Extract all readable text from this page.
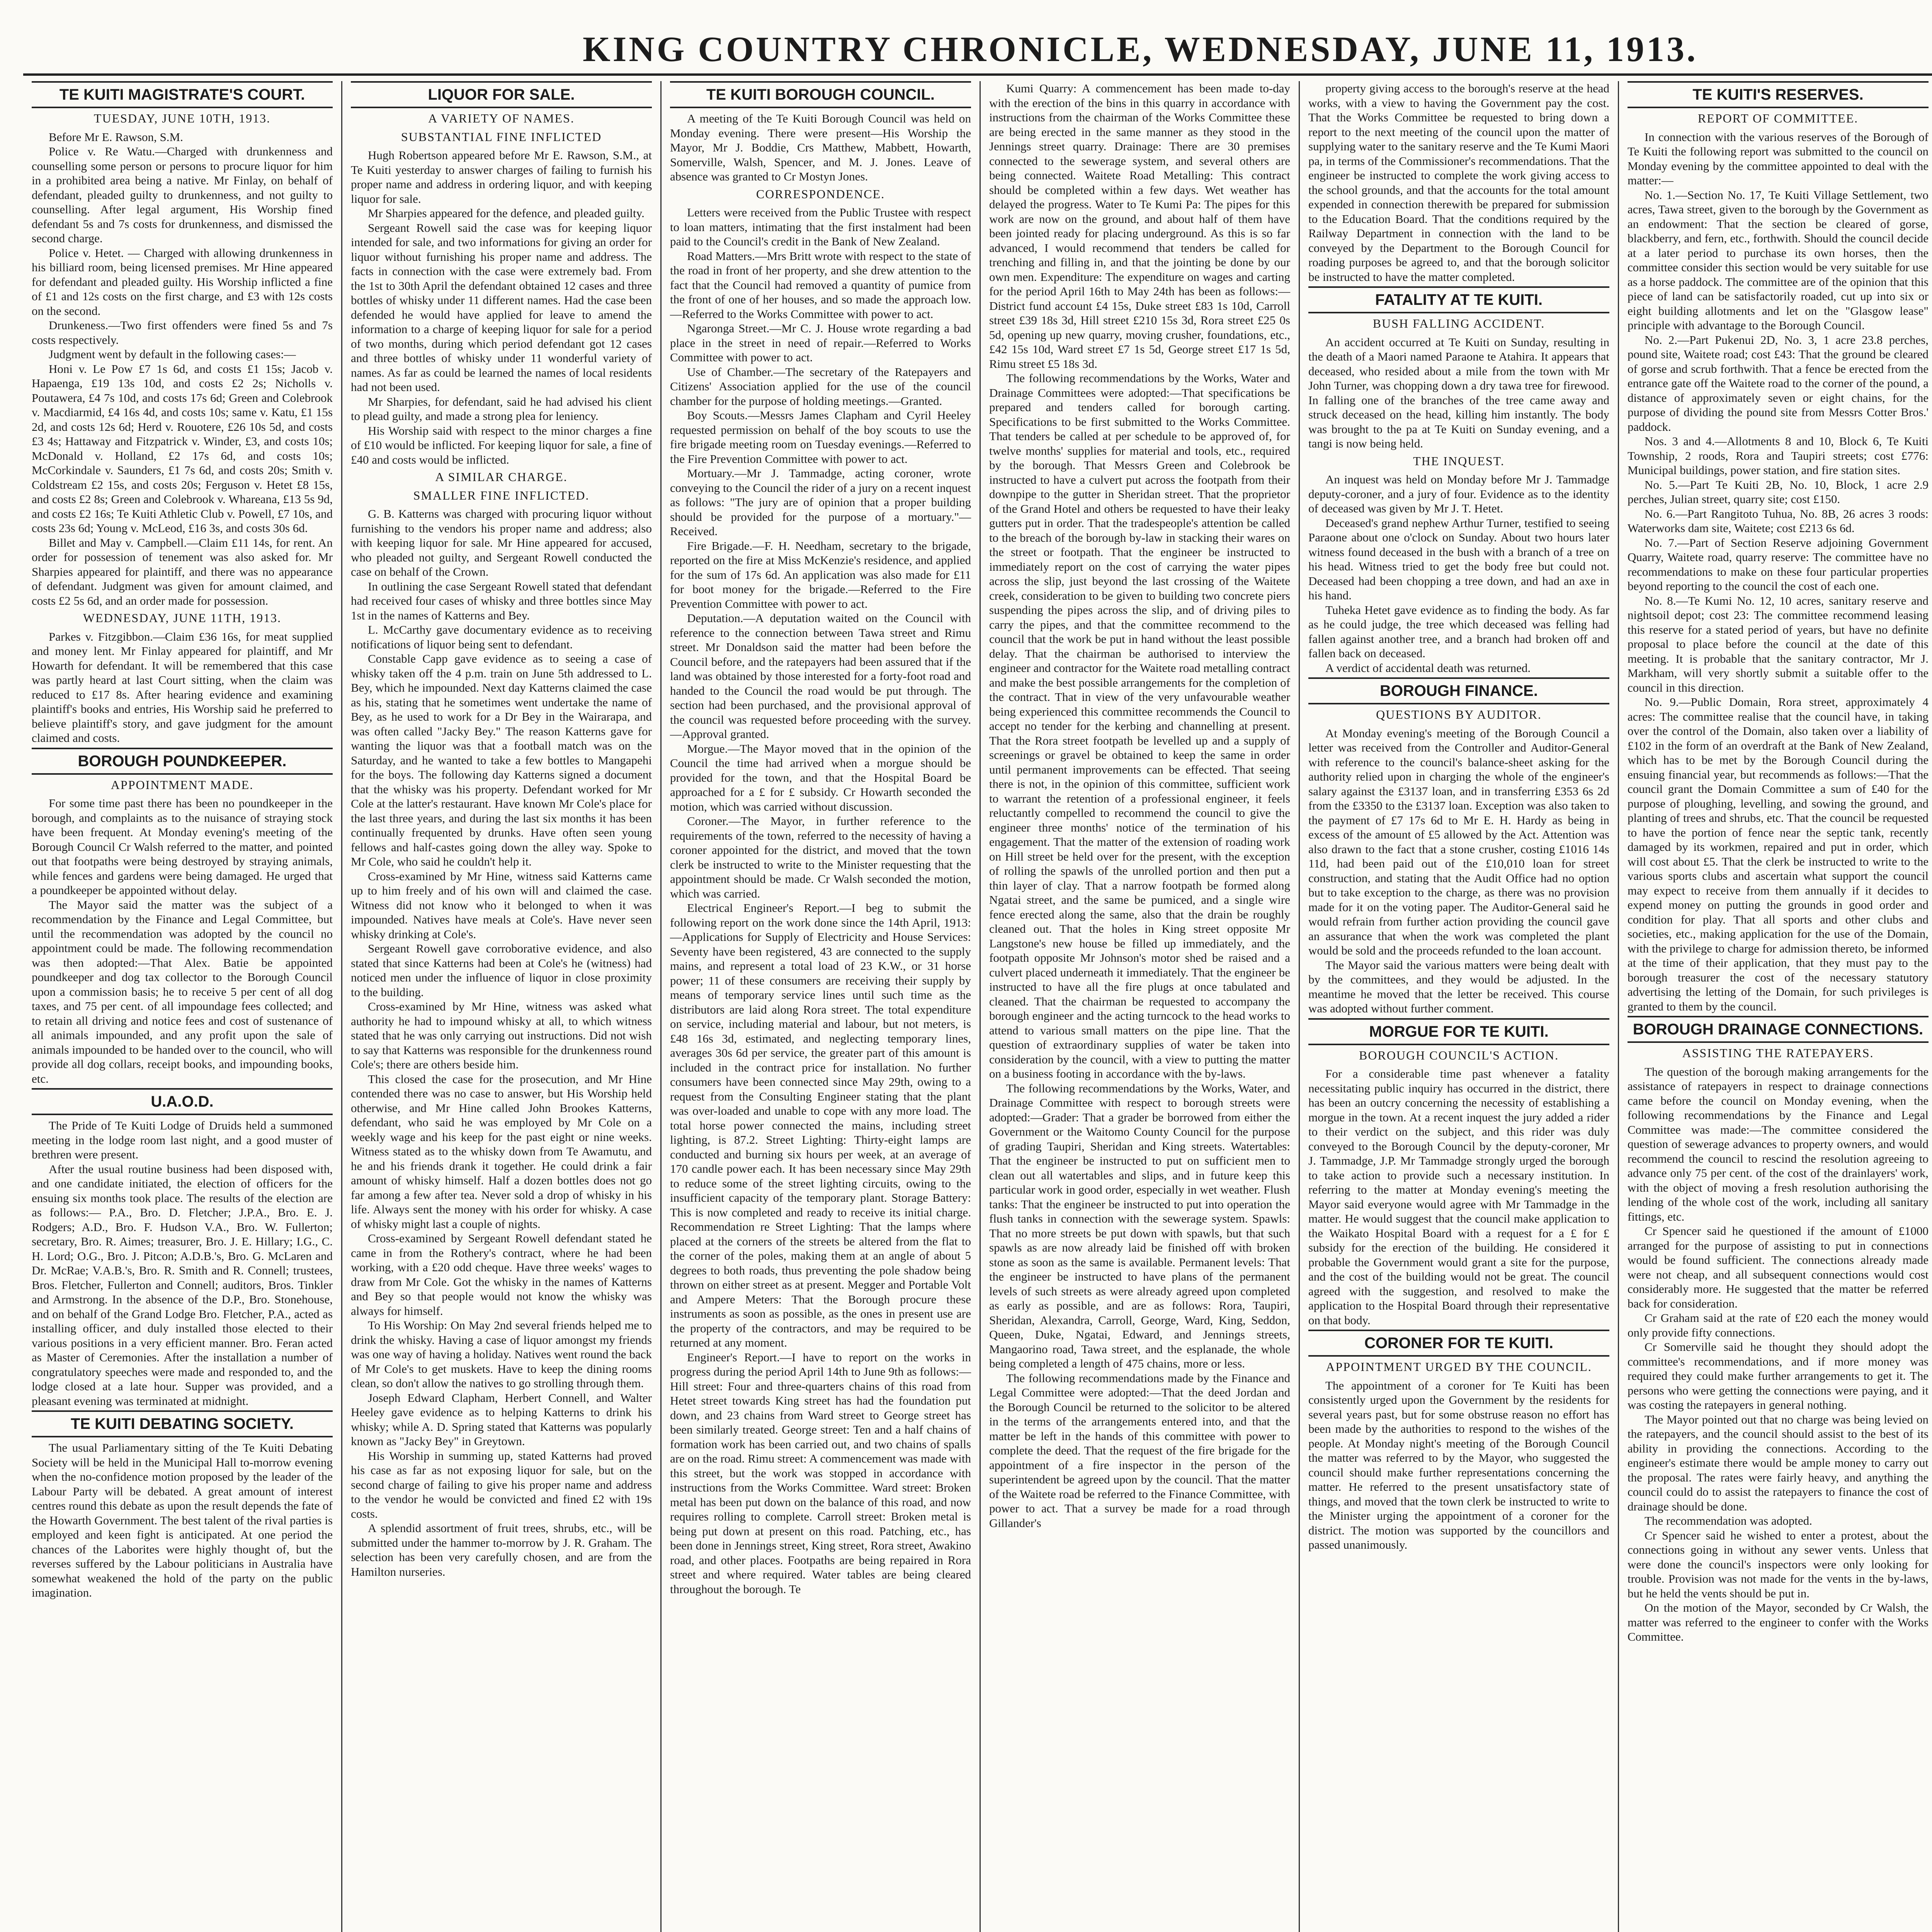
KING COUNTRY CHRONICLE, WEDNESDAY, JUNE 11, 1913.
TE KUITI MAGISTRATE'S COURT.
TUESDAY, JUNE 10TH, 1913.

Before Mr E. Rawson, S.M.

Police v. Re Watu.—Charged with drunkenness and counselling some person or persons to procure liquor for him in a prohibited area being a native. Mr Finlay, on behalf of defendant, pleaded guilty to drunkenness, and not guilty to counselling. After legal argument, His Worship fined defendant 5s and 7s costs for drunkenness, and dismissed the second charge.

Police v. Hetet. — Charged with allowing drunkenness in his billiard room, being licensed premises. Mr Hine appeared for defendant and pleaded guilty. His Worship inflicted a fine of £1 and 12s costs on the first charge, and £3 with 12s costs on the second.

Drunkeness.—Two first offenders were fined 5s and 7s costs respectively.

Judgment went by default in the following cases:—

Honi v. Le Pow £7 1s 6d, and costs £1 15s; Jacob v. Hapaenga, £19 13s 10d, and costs £2 2s; Nicholls v. Poutawera, £4 7s 10d, and costs 17s 6d; Green and Colebrook v. Macdiarmid, £4 16s 4d, and costs 10s; same v. Katu, £1 15s 2d, and costs 12s 6d; Herd v. Rouotere, £26 10s 5d, and costs £3 4s; Hattaway and Fitzpatrick v. Winder, £3, and costs 10s; McDonald v. Holland, £2 17s 6d, and costs 10s; McCorkindale v. Saunders, £1 7s 6d, and costs 20s; Smith v. Coldstream £2 15s, and costs 20s; Ferguson v. Hetet £8 15s, and costs £2 8s; Green and Colebrook v. Whareana, £13 5s 9d, and costs £2 16s; Te Kuiti Athletic Club v. Powell, £7 10s, and costs 23s 6d; Young v. McLeod, £16 3s, and costs 30s 6d.

Billet and May v. Campbell.—Claim £11 14s, for rent. An order for possession of tenement was also asked for. Mr Sharpies appeared for plaintiff, and there was no appearance of defendant. Judgment was given for amount claimed, and costs £2 5s 6d, and an order made for possession.

WEDNESDAY, JUNE 11TH, 1913.

Parkes v. Fitzgibbon.—Claim £36 16s, for meat supplied and money lent. Mr Finlay appeared for plaintiff, and Mr Howarth for defendant. It will be remembered that this case was partly heard at last Court sitting, when the claim was reduced to £17 8s. After hearing evidence and examining plaintiff's books and entries, His Worship said he preferred to believe plaintiff's story, and gave judgment for the amount claimed and costs.

BOROUGH POUNDKEEPER.
APPOINTMENT MADE.

For some time past there has been no poundkeeper in the borough, and complaints as to the nuisance of straying stock have been frequent. At Monday evening's meeting of the Borough Council Cr Walsh referred to the matter, and pointed out that footpaths were being destroyed by straying animals, while fences and gardens were being damaged. He urged that a poundkeeper be appointed without delay.

The Mayor said the matter was the subject of a recommendation by the Finance and Legal Committee, but until the recommendation was adopted by the council no appointment could be made. The following recommendation was then adopted:—That Alex. Batie be appointed poundkeeper and dog tax collector to the Borough Council upon a commission basis; he to receive 5 per cent of all dog taxes, and 75 per cent. of all impoundage fees collected; and to retain all driving and notice fees and cost of sustenance of all animals impounded, and any profit upon the sale of animals impounded to be handed over to the council, who will provide all dog collars, receipt books, and impounding books, etc.

U.A.O.D.

The Pride of Te Kuiti Lodge of Druids held a summoned meeting in the lodge room last night, and a good muster of brethren were present.

After the usual routine business had been disposed with, and one candidate initiated, the election of officers for the ensuing six months took place. The results of the election are as follows:— P.A., Bro. D. Fletcher; J.P.A., Bro. E. J. Rodgers; A.D., Bro. F. Hudson V.A., Bro. W. Fullerton; secretary, Bro. R. Aimes; treasurer, Bro. J. E. Hillary; I.G., C. H. Lord; O.G., Bro. J. Pitcon; A.D.B.'s, Bro. G. McLaren and Dr. McRae; V.A.B.'s, Bro. R. Smith and R. Connell; trustees, Bros. Fletcher, Fullerton and Connell; auditors, Bros. Tinkler and Armstrong. In the absence of the D.P., Bro. Stonehouse, and on behalf of the Grand Lodge Bro. Fletcher, P.A., acted as installing officer, and duly installed those elected to their various positions in a very efficient manner. Bro. Feran acted as Master of Ceremonies. After the installation a number of congratulatory speeches were made and responded to, and the lodge closed at a late hour. Supper was provided, and a pleasant evening was terminated at midnight.

TE KUITI DEBATING SOCIETY.

The usual Parliamentary sitting of the Te Kuiti Debating Society will be held in the Municipal Hall to-morrow evening when the no-confidence motion proposed by the leader of the Labour Party will be debated. A great amount of interest centres round this debate as upon the result depends the fate of the Howarth Government. The best talent of the rival parties is employed and keen fight is anticipated. At one period the chances of the Laborites were highly thought of, but the reverses suffered by the Labour politicians in Australia have somewhat weakened the hold of the party on the public imagination.

LIQUOR FOR SALE.
A VARIETY OF NAMES.
SUBSTANTIAL FINE INFLICTED

Hugh Robertson appeared before Mr E. Rawson, S.M., at Te Kuiti yesterday to answer charges of failing to furnish his proper name and address in ordering liquor, and with keeping liquor for sale.

Mr Sharpies appeared for the defence, and pleaded guilty.

Sergeant Rowell said the case was for keeping liquor intended for sale, and two informations for giving an order for liquor without furnishing his proper name and address. The facts in connection with the case were extremely bad. From the 1st to 30th April the defendant obtained 12 cases and three bottles of whisky under 11 different names. Had the case been defended he would have applied for leave to amend the information to a charge of keeping liquor for sale for a period of two months, during which period defendant got 12 cases and three bottles of whisky under 11 wonderful variety of names. As far as could be learned the names of local residents had not been used.

Mr Sharpies, for defendant, said he had advised his client to plead guilty, and made a strong plea for leniency.

His Worship said with respect to the minor charges a fine of £10 would be inflicted. For keeping liquor for sale, a fine of £40 and costs would be inflicted.

A SIMILAR CHARGE.
SMALLER FINE INFLICTED.

G. B. Katterns was charged with procuring liquor without furnishing to the vendors his proper name and address; also with keeping liquor for sale. Mr Hine appeared for accused, who pleaded not guilty, and Sergeant Rowell conducted the case on behalf of the Crown.

In outlining the case Sergeant Rowell stated that defendant had received four cases of whisky and three bottles since May 1st in the names of Katterns and Bey.

L. McCarthy gave documentary evidence as to receiving notifications of liquor being sent to defendant.

Constable Capp gave evidence as to seeing a case of whisky taken off the 4 p.m. train on June 5th addressed to L. Bey, which he impounded. Next day Katterns claimed the case as his, stating that he sometimes went undertake the name of Bey, as he used to work for a Dr Bey in the Wairarapa, and was often called "Jacky Bey." The reason Katterns gave for wanting the liquor was that a football match was on the Saturday, and he wanted to take a few bottles to Mangapehi for the boys. The following day Katterns signed a document that the whisky was his property. Defendant worked for Mr Cole at the latter's restaurant. Have known Mr Cole's place for the last three years, and during the last six months it has been continually frequented by drunks. Have often seen young fellows and half-castes going down the alley way. Spoke to Mr Cole, who said he couldn't help it.

Cross-examined by Mr Hine, witness said Katterns came up to him freely and of his own will and claimed the case. Witness did not know who it belonged to when it was impounded. Natives have meals at Cole's. Have never seen whisky drinking at Cole's.

Sergeant Rowell gave corroborative evidence, and also stated that since Katterns had been at Cole's he (witness) had noticed men under the influence of liquor in close proximity to the building.

Cross-examined by Mr Hine, witness was asked what authority he had to impound whisky at all, to which witness stated that he was only carrying out instructions. Did not wish to say that Katterns was responsible for the drunkenness round Cole's; there are others beside him.

This closed the case for the prosecution, and Mr Hine contended there was no case to answer, but His Worship held otherwise, and Mr Hine called John Brookes Katterns, defendant, who said he was employed by Mr Cole on a weekly wage and his keep for the past eight or nine weeks. Witness stated as to the whisky down from Te Awamutu, and he and his friends drank it together. He could drink a fair amount of whisky himself. Half a dozen bottles does not go far among a few after tea. Never sold a drop of whisky in his life. Always sent the money with his order for whisky. A case of whisky might last a couple of nights.

Cross-examined by Sergeant Rowell defendant stated he came in from the Rothery's contract, where he had been working, with a £20 odd cheque. Have three weeks' wages to draw from Mr Cole. Got the whisky in the names of Katterns and Bey so that people would not know the whisky was always for himself.

To His Worship: On May 2nd several friends helped me to drink the whisky. Having a case of liquor amongst my friends was one way of having a holiday. Natives went round the back of Mr Cole's to get muskets. Have to keep the dining rooms clean, so don't allow the natives to go strolling through them.

Joseph Edward Clapham, Herbert Connell, and Walter Heeley gave evidence as to helping Katterns to drink his whisky; while A. D. Spring stated that Katterns was popularly known as "Jacky Bey" in Greytown.

His Worship in summing up, stated Katterns had proved his case as far as not exposing liquor for sale, but on the second charge of failing to give his proper name and address to the vendor he would be convicted and fined £2 with 19s costs.

A splendid assortment of fruit trees, shrubs, etc., will be submitted under the hammer to-morrow by J. R. Graham. The selection has been very carefully chosen, and are from the Hamilton nurseries.

TE KUITI BOROUGH COUNCIL.

A meeting of the Te Kuiti Borough Council was held on Monday evening. There were present—His Worship the Mayor, Mr J. Boddie, Crs Matthew, Mabbett, Howarth, Somerville, Walsh, Spencer, and M. J. Jones. Leave of absence was granted to Cr Mostyn Jones.

CORRESPONDENCE.

Letters were received from the Public Trustee with respect to loan matters, intimating that the first instalment had been paid to the Council's credit in the Bank of New Zealand.

Road Matters.—Mrs Britt wrote with respect to the state of the road in front of her property, and she drew attention to the fact that the Council had removed a quantity of pumice from the front of one of her houses, and so made the approach low. —Referred to the Works Committee with power to act.

Ngaronga Street.—Mr C. J. House wrote regarding a bad place in the street in need of repair.—Referred to Works Committee with power to act.

Use of Chamber.—The secretary of the Ratepayers and Citizens' Association applied for the use of the council chamber for the purpose of holding meetings.—Granted.

Boy Scouts.—Messrs James Clapham and Cyril Heeley requested permission on behalf of the boy scouts to use the fire brigade meeting room on Tuesday evenings.—Referred to the Fire Prevention Committee with power to act.

Mortuary.—Mr J. Tammadge, acting coroner, wrote conveying to the Council the rider of a jury on a recent inquest as follows: "The jury are of opinion that a proper building should be provided for the purpose of a mortuary."—Received.

Fire Brigade.—F. H. Needham, secretary to the brigade, reported on the fire at Miss McKenzie's residence, and applied for the sum of 17s 6d. An application was also made for £11 for boot money for the brigade.—Referred to the Fire Prevention Committee with power to act.

Deputation.—A deputation waited on the Council with reference to the connection between Tawa street and Rimu street. Mr Donaldson said the matter had been before the Council before, and the ratepayers had been assured that if the land was obtained by those interested for a forty-foot road and handed to the Council the road would be put through. The section had been purchased, and the provisional approval of the council was requested before proceeding with the survey.—Approval granted.

Morgue.—The Mayor moved that in the opinion of the Council the time had arrived when a morgue should be provided for the town, and that the Hospital Board be approached for a £ for £ subsidy. Cr Howarth seconded the motion, which was carried without discussion.

Coroner.—The Mayor, in further reference to the requirements of the town, referred to the necessity of having a coroner appointed for the district, and moved that the town clerk be instructed to write to the Minister requesting that the appointment should be made. Cr Walsh seconded the motion, which was carried.

Electrical Engineer's Report.—I beg to submit the following report on the work done since the 14th April, 1913: —Applications for Supply of Electricity and House Services: Seventy have been registered, 43 are connected to the supply mains, and represent a total load of 23 K.W., or 31 horse power; 11 of these consumers are receiving their supply by means of temporary service lines until such time as the distributors are laid along Rora street. The total expenditure on service, including material and labour, but not meters, is £48 16s 3d, estimated, and neglecting temporary lines, averages 30s 6d per service, the greater part of this amount is included in the contract price for installation. No further consumers have been connected since May 29th, owing to a request from the Consulting Engineer stating that the plant was over-loaded and unable to cope with any more load. The total horse power connected the mains, including street lighting, is 87.2. Street Lighting: Thirty-eight lamps are conducted and burning six hours per week, at an average of 170 candle power each. It has been necessary since May 29th to reduce some of the street lighting circuits, owing to the insufficient capacity of the temporary plant. Storage Battery: This is now completed and ready to receive its initial charge. Recommendation re Street Lighting: That the lamps where placed at the corners of the streets be altered from the flat to the corner of the poles, making them at an angle of about 5 degrees to both roads, thus preventing the pole shadow being thrown on either street as at present. Megger and Portable Volt and Ampere Meters: That the Borough procure these instruments as soon as possible, as the ones in present use are the property of the contractors, and may be required to be returned at any moment.

Engineer's Report.—I have to report on the works in progress during the period April 14th to June 9th as follows:—Hill street: Four and three-quarters chains of this road from Hetet street towards King street has had the foundation put down, and 23 chains from Ward street to George street has been similarly treated. George street: Ten and a half chains of formation work has been carried out, and two chains of spalls are on the road. Rimu street: A commencement was made with this street, but the work was stopped in accordance with instructions from the Works Committee. Ward street: Broken metal has been put down on the balance of this road, and now requires rolling to complete. Carroll street: Broken metal is being put down at present on this road. Patching, etc., has been done in Jennings street, King street, Rora street, Awakino road, and other places. Footpaths are being repaired in Rora street and where required. Water tables are being cleared throughout the borough. Te

Kumi Quarry: A commencement has been made to-day with the erection of the bins in this quarry in accordance with instructions from the chairman of the Works Committee these are being erected in the same manner as they stood in the Jennings street quarry. Drainage: There are 30 premises connected to the sewerage system, and several others are being connected. Waitete Road Metalling: This contract should be completed within a few days. Wet weather has delayed the progress. Water to Te Kumi Pa: The pipes for this work are now on the ground, and about half of them have been jointed ready for placing underground. As this is so far advanced, I would recommend that tenders be called for trenching and filling in, and that the jointing be done by our own men. Expenditure: The expenditure on wages and carting for the period April 16th to May 24th has been as follows:—District fund account £4 15s, Duke street £83 1s 10d, Carroll street £39 18s 3d, Hill street £210 15s 3d, Rora street £25 0s 5d, opening up new quarry, moving crusher, foundations, etc., £42 15s 10d, Ward street £7 1s 5d, George street £17 1s 5d, Rimu street £5 18s 3d.

The following recommendations by the Works, Water and Drainage Committees were adopted:—That specifications be prepared and tenders called for borough carting. Specifications to be first submitted to the Works Committee. That tenders be called at per schedule to be approved of, for twelve months' supplies for material and tools, etc., required by the borough. That Messrs Green and Colebrook be instructed to have a culvert put across the footpath from their downpipe to the gutter in Sheridan street. That the proprietor of the Grand Hotel and others be requested to have their leaky gutters put in order. That the tradespeople's attention be called to the breach of the borough by-law in stacking their wares on the street or footpath. That the engineer be instructed to immediately report on the cost of carrying the water pipes across the slip, just beyond the last crossing of the Waitete creek, consideration to be given to building two concrete piers suspending the pipes across the slip, and of driving piles to carry the pipes, and that the committee recommend to the council that the work be put in hand without the least possible delay. That the chairman be authorised to interview the engineer and contractor for the Waitete road metalling contract and make the best possible arrangements for the completion of the contract. That in view of the very unfavourable weather being experienced this committee recommends the Council to accept no tender for the kerbing and channelling at present. That the Rora street footpath be levelled up and a supply of screenings or gravel be obtained to keep the same in order until permanent improvements can be effected. That seeing there is not, in the opinion of this committee, sufficient work to warrant the retention of a professional engineer, it feels reluctantly compelled to recommend the council to give the engineer three months' notice of the termination of his engagement. That the matter of the extension of roading work on Hill street be held over for the present, with the exception of rolling the spawls of the unrolled portion and then put a thin layer of clay. That a narrow footpath be formed along Ngatai street, and the same be pumiced, and a single wire fence erected along the same, also that the drain be roughly cleaned out. That the holes in King street opposite Mr Langstone's new house be filled up immediately, and the footpath opposite Mr Johnson's motor shed be raised and a culvert placed underneath it immediately. That the engineer be instructed to have all the fire plugs at once tabulated and cleaned. That the chairman be requested to accompany the borough engineer and the acting turncock to the head works to attend to various small matters on the pipe line. That the question of extraordinary supplies of water be taken into consideration by the council, with a view to putting the matter on a business footing in accordance with the by-laws.

The following recommendations by the Works, Water, and Drainage Committee with respect to borough streets were adopted:—Grader: That a grader be borrowed from either the Government or the Waitomo County Council for the purpose of grading Taupiri, Sheridan and King streets. Watertables: That the engineer be instructed to put on sufficient men to clean out all watertables and slips, and in future keep this particular work in good order, especially in wet weather. Flush tanks: That the engineer be instructed to put into operation the flush tanks in connection with the sewerage system. Spawls: That no more streets be put down with spawls, but that such spawls as are now already laid be finished off with broken stone as soon as the same is available. Permanent levels: That the engineer be instructed to have plans of the permanent levels of such streets as were already agreed upon completed as early as possible, and are as follows: Rora, Taupiri, Sheridan, Alexandra, Carroll, George, Ward, King, Seddon, Queen, Duke, Ngatai, Edward, and Jennings streets, Mangaorino road, Tawa street, and the esplanade, the whole being completed a length of 475 chains, more or less.

The following recommendations made by the Finance and Legal Committee were adopted:—That the deed Jordan and the Borough Council be returned to the solicitor to be altered in the terms of the arrangements entered into, and that the matter be left in the hands of this committee with power to complete the deed. That the request of the fire brigade for the appointment of a fire inspector in the person of the superintendent be agreed upon by the council. That the matter of the Waitete road be referred to the Finance Committee, with power to act. That a survey be made for a road through Gillander's

property giving access to the borough's reserve at the head works, with a view to having the Government pay the cost. That the Works Committee be requested to bring down a report to the next meeting of the council upon the matter of supplying water to the sanitary reserve and the Te Kumi Maori pa, in terms of the Commissioner's recommendations. That the engineer be instructed to complete the work giving access to the school grounds, and that the accounts for the total amount expended in connection therewith be prepared for submission to the Education Board. That the conditions required by the Railway Department in connection with the land to be conveyed by the Department to the Borough Council for roading purposes be agreed to, and that the borough solicitor be instructed to have the matter completed.

FATALITY AT TE KUITI.
BUSH FALLING ACCIDENT.

An accident occurred at Te Kuiti on Sunday, resulting in the death of a Maori named Paraone te Atahira. It appears that deceased, who resided about a mile from the town with Mr John Turner, was chopping down a dry tawa tree for firewood. In falling one of the branches of the tree came away and struck deceased on the head, killing him instantly. The body was brought to the pa at Te Kuiti on Sunday evening, and a tangi is now being held.

THE INQUEST.

An inquest was held on Monday before Mr J. Tammadge deputy-coroner, and a jury of four. Evidence as to the identity of deceased was given by Mr J. T. Hetet.

Deceased's grand nephew Arthur Turner, testified to seeing Paraone about one o'clock on Sunday. About two hours later witness found deceased in the bush with a branch of a tree on his head. Witness tried to get the body free but could not. Deceased had been chopping a tree down, and had an axe in his hand.

Tuheka Hetet gave evidence as to finding the body. As far as he could judge, the tree which deceased was felling had fallen against another tree, and a branch had broken off and fallen back on deceased.

A verdict of accidental death was returned.

BOROUGH FINANCE.
QUESTIONS BY AUDITOR.

At Monday evening's meeting of the Borough Council a letter was received from the Controller and Auditor-General with reference to the council's balance-sheet asking for the authority relied upon in charging the whole of the engineer's salary against the £3137 loan, and in transferring £353 6s 2d from the £3350 to the £3137 loan. Exception was also taken to the payment of £7 17s 6d to Mr E. H. Hardy as being in excess of the amount of £5 allowed by the Act. Attention was also drawn to the fact that a stone crusher, costing £1016 14s 11d, had been paid out of the £10,010 loan for street construction, and stating that the Audit Office had no option but to take exception to the charge, as there was no provision made for it on the voting paper. The Auditor-General said he would refrain from further action providing the council gave an assurance that when the work was completed the plant would be sold and the proceeds refunded to the loan account.

The Mayor said the various matters were being dealt with by the committees, and they would be adjusted. In the meantime he moved that the letter be received. This course was adopted without further comment.

MORGUE FOR TE KUITI.
BOROUGH COUNCIL'S ACTION.

For a considerable time past whenever a fatality necessitating public inquiry has occurred in the district, there has been an outcry concerning the necessity of establishing a morgue in the town. At a recent inquest the jury added a rider to their verdict on the subject, and this rider was duly conveyed to the Borough Council by the deputy-coroner, Mr J. Tammadge, J.P. Mr Tammadge strongly urged the borough to take action to provide such a necessary institution. In referring to the matter at Monday evening's meeting the Mayor said everyone would agree with Mr Tammadge in the matter. He would suggest that the council make application to the Waikato Hospital Board with a request for a £ for £ subsidy for the erection of the building. He considered it probable the Government would grant a site for the purpose, and the cost of the building would not be great. The council agreed with the suggestion, and resolved to make the application to the Hospital Board through their representative on that body.

CORONER FOR TE KUITI.
APPOINTMENT URGED BY THE COUNCIL.

The appointment of a coroner for Te Kuiti has been consistently urged upon the Government by the residents for several years past, but for some obstruse reason no effort has been made by the authorities to respond to the wishes of the people. At Monday night's meeting of the Borough Council the matter was referred to by the Mayor, who suggested the council should make further representations concerning the matter. He referred to the present unsatisfactory state of things, and moved that the town clerk be instructed to write to the Minister urging the appointment of a coroner for the district. The motion was supported by the councillors and passed unanimously.

TE KUITI'S RESERVES.
REPORT OF COMMITTEE.

In connection with the various reserves of the Borough of Te Kuiti the following report was submitted to the council on Monday evening by the committee appointed to deal with the matter:—

No. 1.—Section No. 17, Te Kuiti Village Settlement, two acres, Tawa street, given to the borough by the Government as an endowment: That the section be cleared of gorse, blackberry, and fern, etc., forthwith. Should the council decide at a later period to purchase its own horses, then the committee consider this section would be very suitable for use as a horse paddock. The committee are of the opinion that this piece of land can be satisfactorily roaded, cut up into six or eight building allotments and let on the "Glasgow lease" principle with advantage to the Borough Council.

No. 2.—Part Pukenui 2D, No. 3, 1 acre 23.8 perches, pound site, Waitete road; cost £43: That the ground be cleared of gorse and scrub forthwith. That a fence be erected from the entrance gate off the Waitete road to the corner of the pound, a distance of approximately seven or eight chains, for the purpose of dividing the pound site from Messrs Cotter Bros.' paddock.

Nos. 3 and 4.—Allotments 8 and 10, Block 6, Te Kuiti Township, 2 roods, Rora and Taupiri streets; cost £776: Municipal buildings, power station, and fire station sites.

No. 5.—Part Te Kuiti 2B, No. 10, Block, 1 acre 2.9 perches, Julian street, quarry site; cost £150.

No. 6.—Part Rangitoto Tuhua, No. 8B, 26 acres 3 roods: Waterworks dam site, Waitete; cost £213 6s 6d.

No. 7.—Part of Section Reserve adjoining Government Quarry, Waitete road, quarry reserve: The committee have no recommendations to make on these four particular properties beyond reporting to the council the cost of each one.

No. 8.—Te Kumi No. 12, 10 acres, sanitary reserve and nightsoil depot; cost 23: The committee recommend leasing this reserve for a stated period of years, but have no definite proposal to place before the council at the date of this meeting. It is probable that the sanitary contractor, Mr J. Markham, will very shortly submit a suitable offer to the council in this direction.

No. 9.—Public Domain, Rora street, approximately 4 acres: The committee realise that the council have, in taking over the control of the Domain, also taken over a liability of £102 in the form of an overdraft at the Bank of New Zealand, which has to be met by the Borough Council during the ensuing financial year, but recommends as follows:—That the council grant the Domain Committee a sum of £40 for the purpose of ploughing, levelling, and sowing the ground, and planting of trees and shrubs, etc. That the council be requested to have the portion of fence near the septic tank, recently damaged by its workmen, repaired and put in order, which will cost about £5. That the clerk be instructed to write to the various sports clubs and ascertain what support the council may expect to receive from them annually if it decides to expend money on putting the grounds in good order and condition for play. That all sports and other clubs and societies, etc., making application for the use of the Domain, with the privilege to charge for admission thereto, be informed at the time of their application, that they must pay to the borough treasurer the cost of the necessary statutory advertising the letting of the Domain, for such privileges is granted to them by the council.

BOROUGH DRAINAGE CONNECTIONS.
ASSISTING THE RATEPAYERS.

The question of the borough making arrangements for the assistance of ratepayers in respect to drainage connections came before the council on Monday evening, when the following recommendations by the Finance and Legal Committee was made:—The committee considered the question of sewerage advances to property owners, and would recommend the council to rescind the resolution agreeing to advance only 75 per cent. of the cost of the drainlayers' work, with the object of moving a fresh resolution authorising the lending of the whole cost of the work, including all sanitary fittings, etc.

Cr Spencer said he questioned if the amount of £1000 arranged for the purpose of assisting to put in connections would be found sufficient. The connections already made were not cheap, and all subsequent connections would cost considerably more. He suggested that the matter be referred back for consideration.

Cr Graham said at the rate of £20 each the money would only provide fifty connections.

Cr Somerville said he thought they should adopt the committee's recommendations, and if more money was required they could make further arrangements to get it. The persons who were getting the connections were paying, and it was costing the ratepayers in general nothing.

The Mayor pointed out that no charge was being levied on the ratepayers, and the council should assist to the best of its ability in providing the connections. According to the engineer's estimate there would be ample money to carry out the proposal. The rates were fairly heavy, and anything the council could do to assist the ratepayers to finance the cost of drainage should be done.

The recommendation was adopted.

Cr Spencer said he wished to enter a protest, about the connections going in without any sewer vents. Unless that were done the council's inspectors were only looking for trouble. Provision was not made for the vents in the by-laws, but he held the vents should be put in.

On the motion of the Mayor, seconded by Cr Walsh, the matter was referred to the engineer to confer with the Works Committee.
